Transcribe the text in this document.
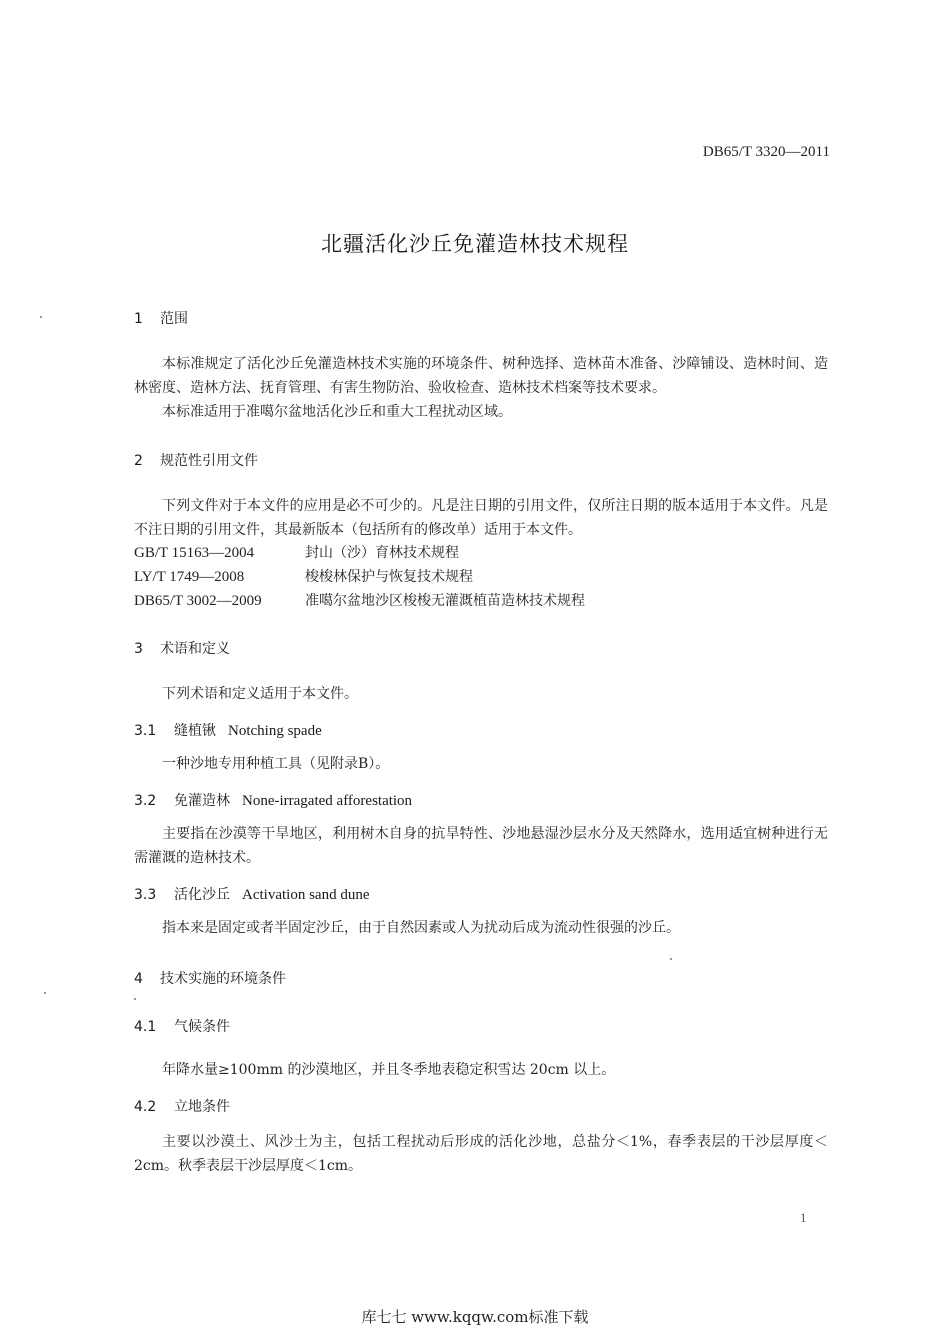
DB65/T 3320—2011
北疆活化沙丘免灌造林技术规程
1 范围
本标准规定了活化沙丘免灌造林技术实施的环境条件、树种选择、造林苗木准备、沙障铺设、造林时间、造林密度、造林方法、抚育管理、有害生物防治、验收检查、造林技术档案等技术要求。
本标准适用于准噶尔盆地活化沙丘和重大工程扰动区域。
2 规范性引用文件
下列文件对于本文件的应用是必不可少的。凡是注日期的引用文件，仅所注日期的版本适用于本文件。凡是不注日期的引用文件，其最新版本（包括所有的修改单）适用于本文件。
GB/T 15163—2004	封山（沙）育林技术规程
LY/T 1749—2008	梭梭林保护与恢复技术规程
DB65/T 3002—2009	准噶尔盆地沙区梭梭无灌溉植苗造林技术规程
3 术语和定义
下列术语和定义适用于本文件。
3.1 缝植锹 Notching spade
一种沙地专用种植工具（见附录B）。
3.2 免灌造林 None-irragated afforestation
主要指在沙漠等干旱地区，利用树木自身的抗旱特性、沙地悬湿沙层水分及天然降水，选用适宜树种进行无需灌溉的造林技术。
3.3 活化沙丘 Activation sand dune
指本来是固定或者半固定沙丘，由于自然因素或人为扰动后成为流动性很强的沙丘。
4 技术实施的环境条件
4.1 气候条件
年降水量≥100mm 的沙漠地区，并且冬季地表稳定积雪达 20cm 以上。
4.2 立地条件
主要以沙漠土、风沙土为主，包括工程扰动后形成的活化沙地，总盐分＜1%，春季表层的干沙层厚度＜2cm。秋季表层干沙层厚度＜1cm。
1
库七七 www.kqqw.com标准下载
